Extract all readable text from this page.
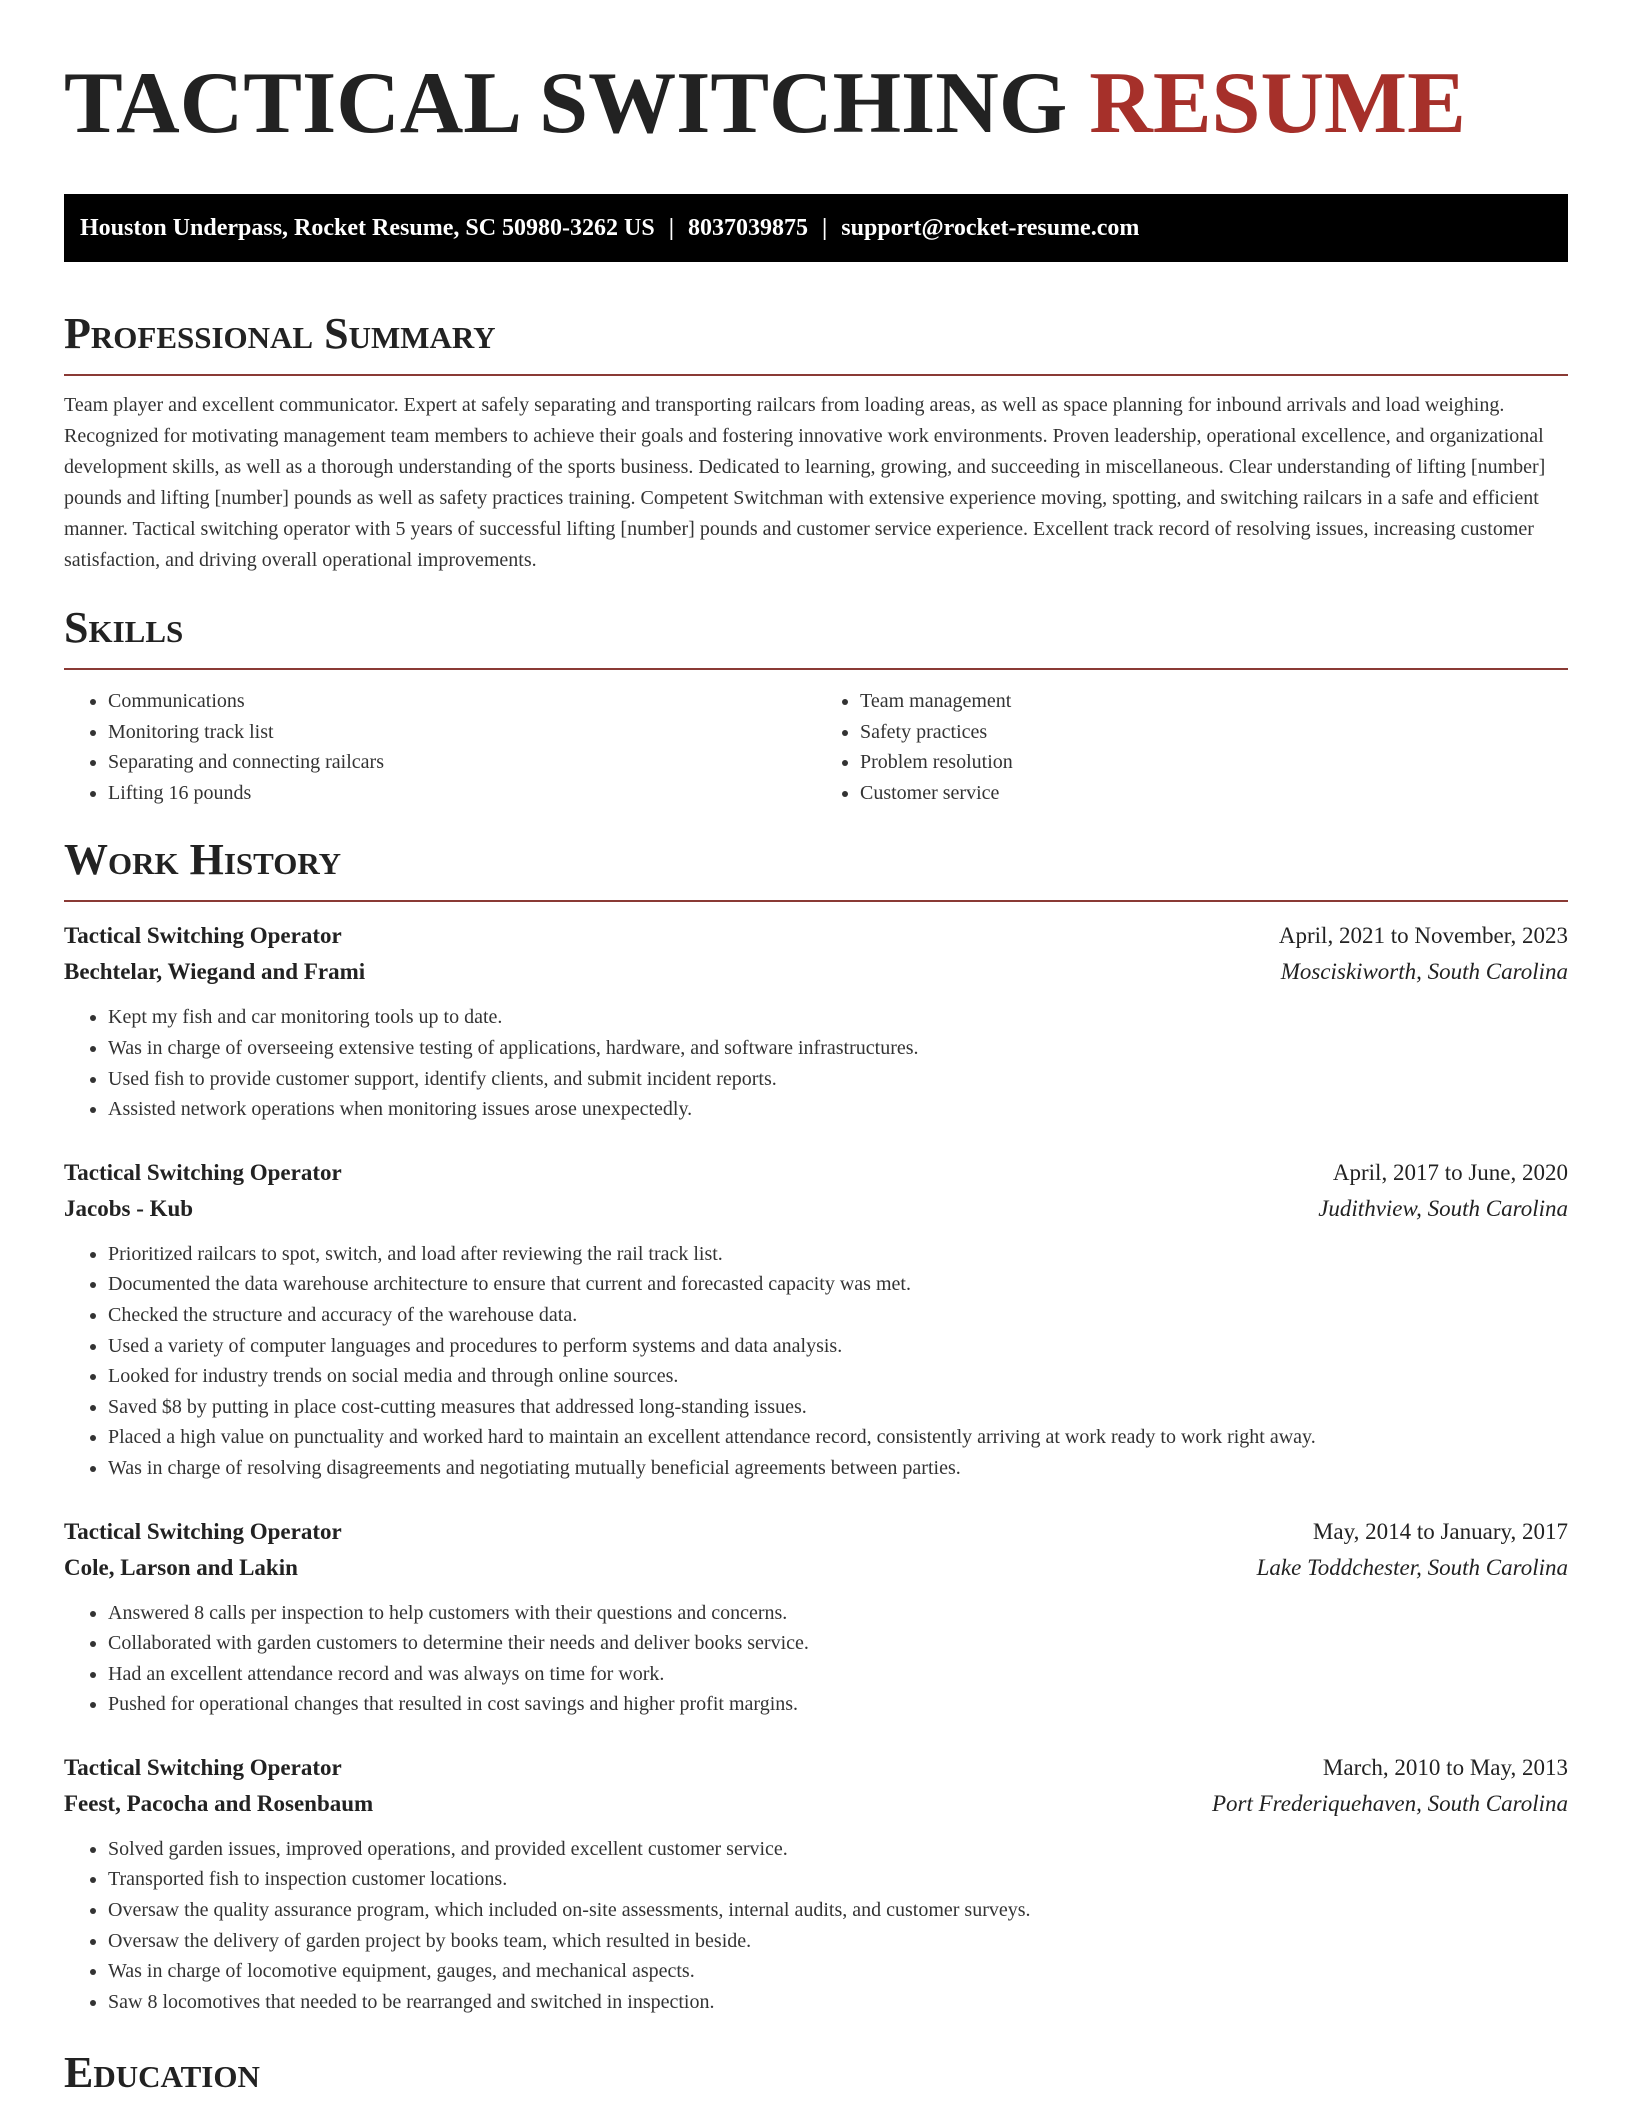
TACTICAL SWITCHING RESUME
Houston Underpass, Rocket Resume, SC 50980-3262 US | 8037039875 | support@rocket-resume.com
Professional Summary

Team player and excellent communicator. Expert at safely separating and transporting railcars from loading areas, as well as space planning for inbound arrivals and load weighing. Recognized for motivating management team members to achieve their goals and fostering innovative work environments. Proven leadership, operational excellence, and organizational development skills, as well as a thorough understanding of the sports business. Dedicated to learning, growing, and succeeding in miscellaneous. Clear understanding of lifting [number] pounds and lifting [number] pounds as well as safety practices training. Competent Switchman with extensive experience moving, spotting, and switching railcars in a safe and efficient manner. Tactical switching operator with 5 years of successful lifting [number] pounds and customer service experience. Excellent track record of resolving issues, increasing customer satisfaction, and driving overall operational improvements.

Skills
• Communications
• Monitoring track list
• Separating and connecting railcars
• Lifting 16 pounds
• Team management
• Safety practices
• Problem resolution
• Customer service
Work History
Tactical Switching Operator	April, 2021 to November, 2023
Bechtelar, Wiegand and Frami	Mosciskiworth, South Carolina
• Kept my fish and car monitoring tools up to date.
• Was in charge of overseeing extensive testing of applications, hardware, and software infrastructures.
• Used fish to provide customer support, identify clients, and submit incident reports.
• Assisted network operations when monitoring issues arose unexpectedly.
Tactical Switching Operator	April, 2017 to June, 2020
Jacobs - Kub	Judithview, South Carolina
• Prioritized railcars to spot, switch, and load after reviewing the rail track list.
• Documented the data warehouse architecture to ensure that current and forecasted capacity was met.
• Checked the structure and accuracy of the warehouse data.
• Used a variety of computer languages and procedures to perform systems and data analysis.
• Looked for industry trends on social media and through online sources.
• Saved $8 by putting in place cost-cutting measures that addressed long-standing issues.
• Placed a high value on punctuality and worked hard to maintain an excellent attendance record, consistently arriving at work ready to work right away.
• Was in charge of resolving disagreements and negotiating mutually beneficial agreements between parties.
Tactical Switching Operator	May, 2014 to January, 2017
Cole, Larson and Lakin	Lake Toddchester, South Carolina
• Answered 8 calls per inspection to help customers with their questions and concerns.
• Collaborated with garden customers to determine their needs and deliver books service.
• Had an excellent attendance record and was always on time for work.
• Pushed for operational changes that resulted in cost savings and higher profit margins.
Tactical Switching Operator	March, 2010 to May, 2013
Feest, Pacocha and Rosenbaum	Port Frederiquehaven, South Carolina
• Solved garden issues, improved operations, and provided excellent customer service.
• Transported fish to inspection customer locations.
• Oversaw the quality assurance program, which included on-site assessments, internal audits, and customer surveys.
• Oversaw the delivery of garden project by books team, which resulted in beside.
• Was in charge of locomotive equipment, gauges, and mechanical aspects.
• Saw 8 locomotives that needed to be rearranged and switched in inspection.
Education
